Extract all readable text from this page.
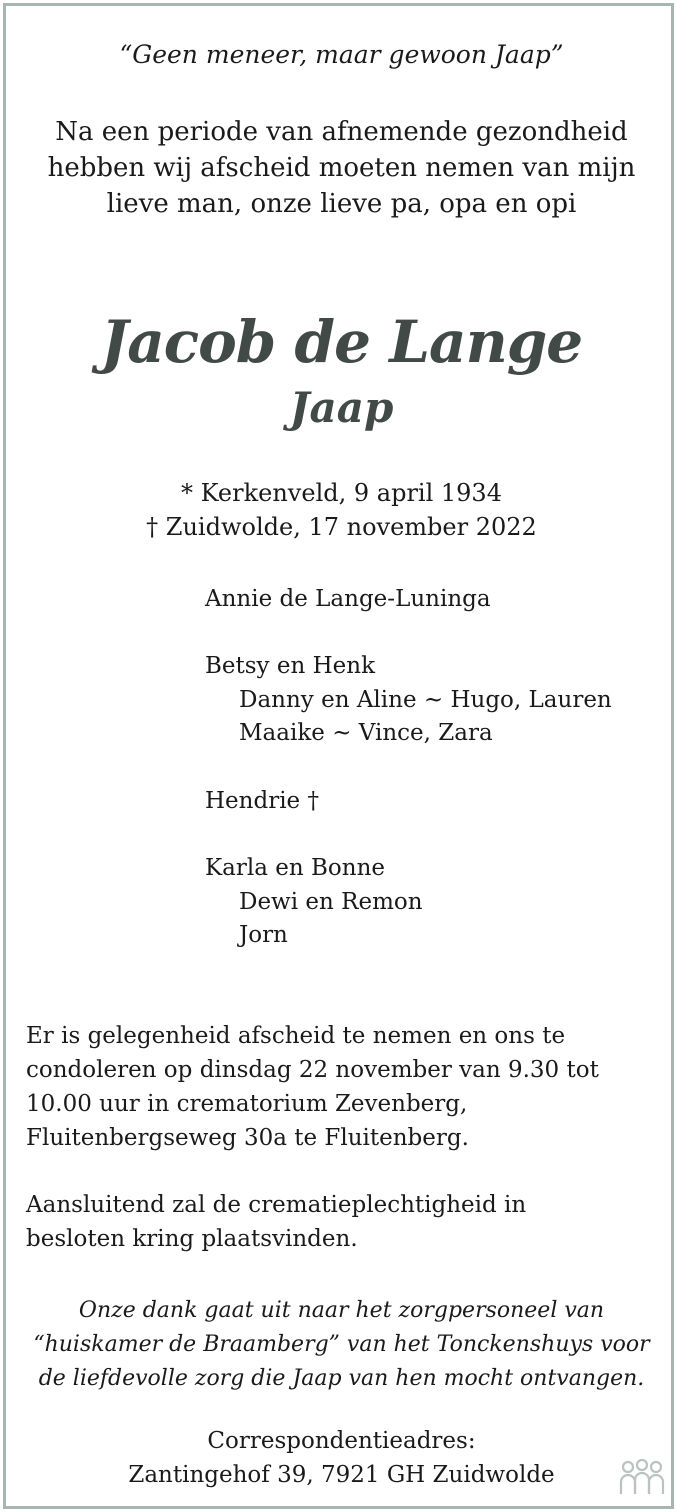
“Geen meneer, maar gewoon Jaap”
Na een periode van afnemende gezondheid
hebben wij afscheid moeten nemen van mijn
lieve man, onze lieve pa, opa en opi
Jacob de Lange
Jaap
* Kerkenveld, 9 april 1934
† Zuidwolde, 17 november 2022
Annie de Lange-Luninga
Betsy en Henk
Danny en Aline ~ Hugo, Lauren
Maaike ~ Vince, Zara
Hendrie †
Karla en Bonne
Dewi en Remon
Jorn
Er is gelegenheid afscheid te nemen en ons te
condoleren op dinsdag 22 november van 9.30 tot
10.00 uur in crematorium Zevenberg,
Fluitenbergseweg 30a te Fluitenberg.
Aansluitend zal de crematieplechtigheid in
besloten kring plaatsvinden.
Onze dank gaat uit naar het zorgpersoneel van
“huiskamer de Braamberg” van het Tonckenshuys voor
de liefdevolle zorg die Jaap van hen mocht ontvangen.
Correspondentieadres:
Zantingehof 39, 7921 GH Zuidwolde
